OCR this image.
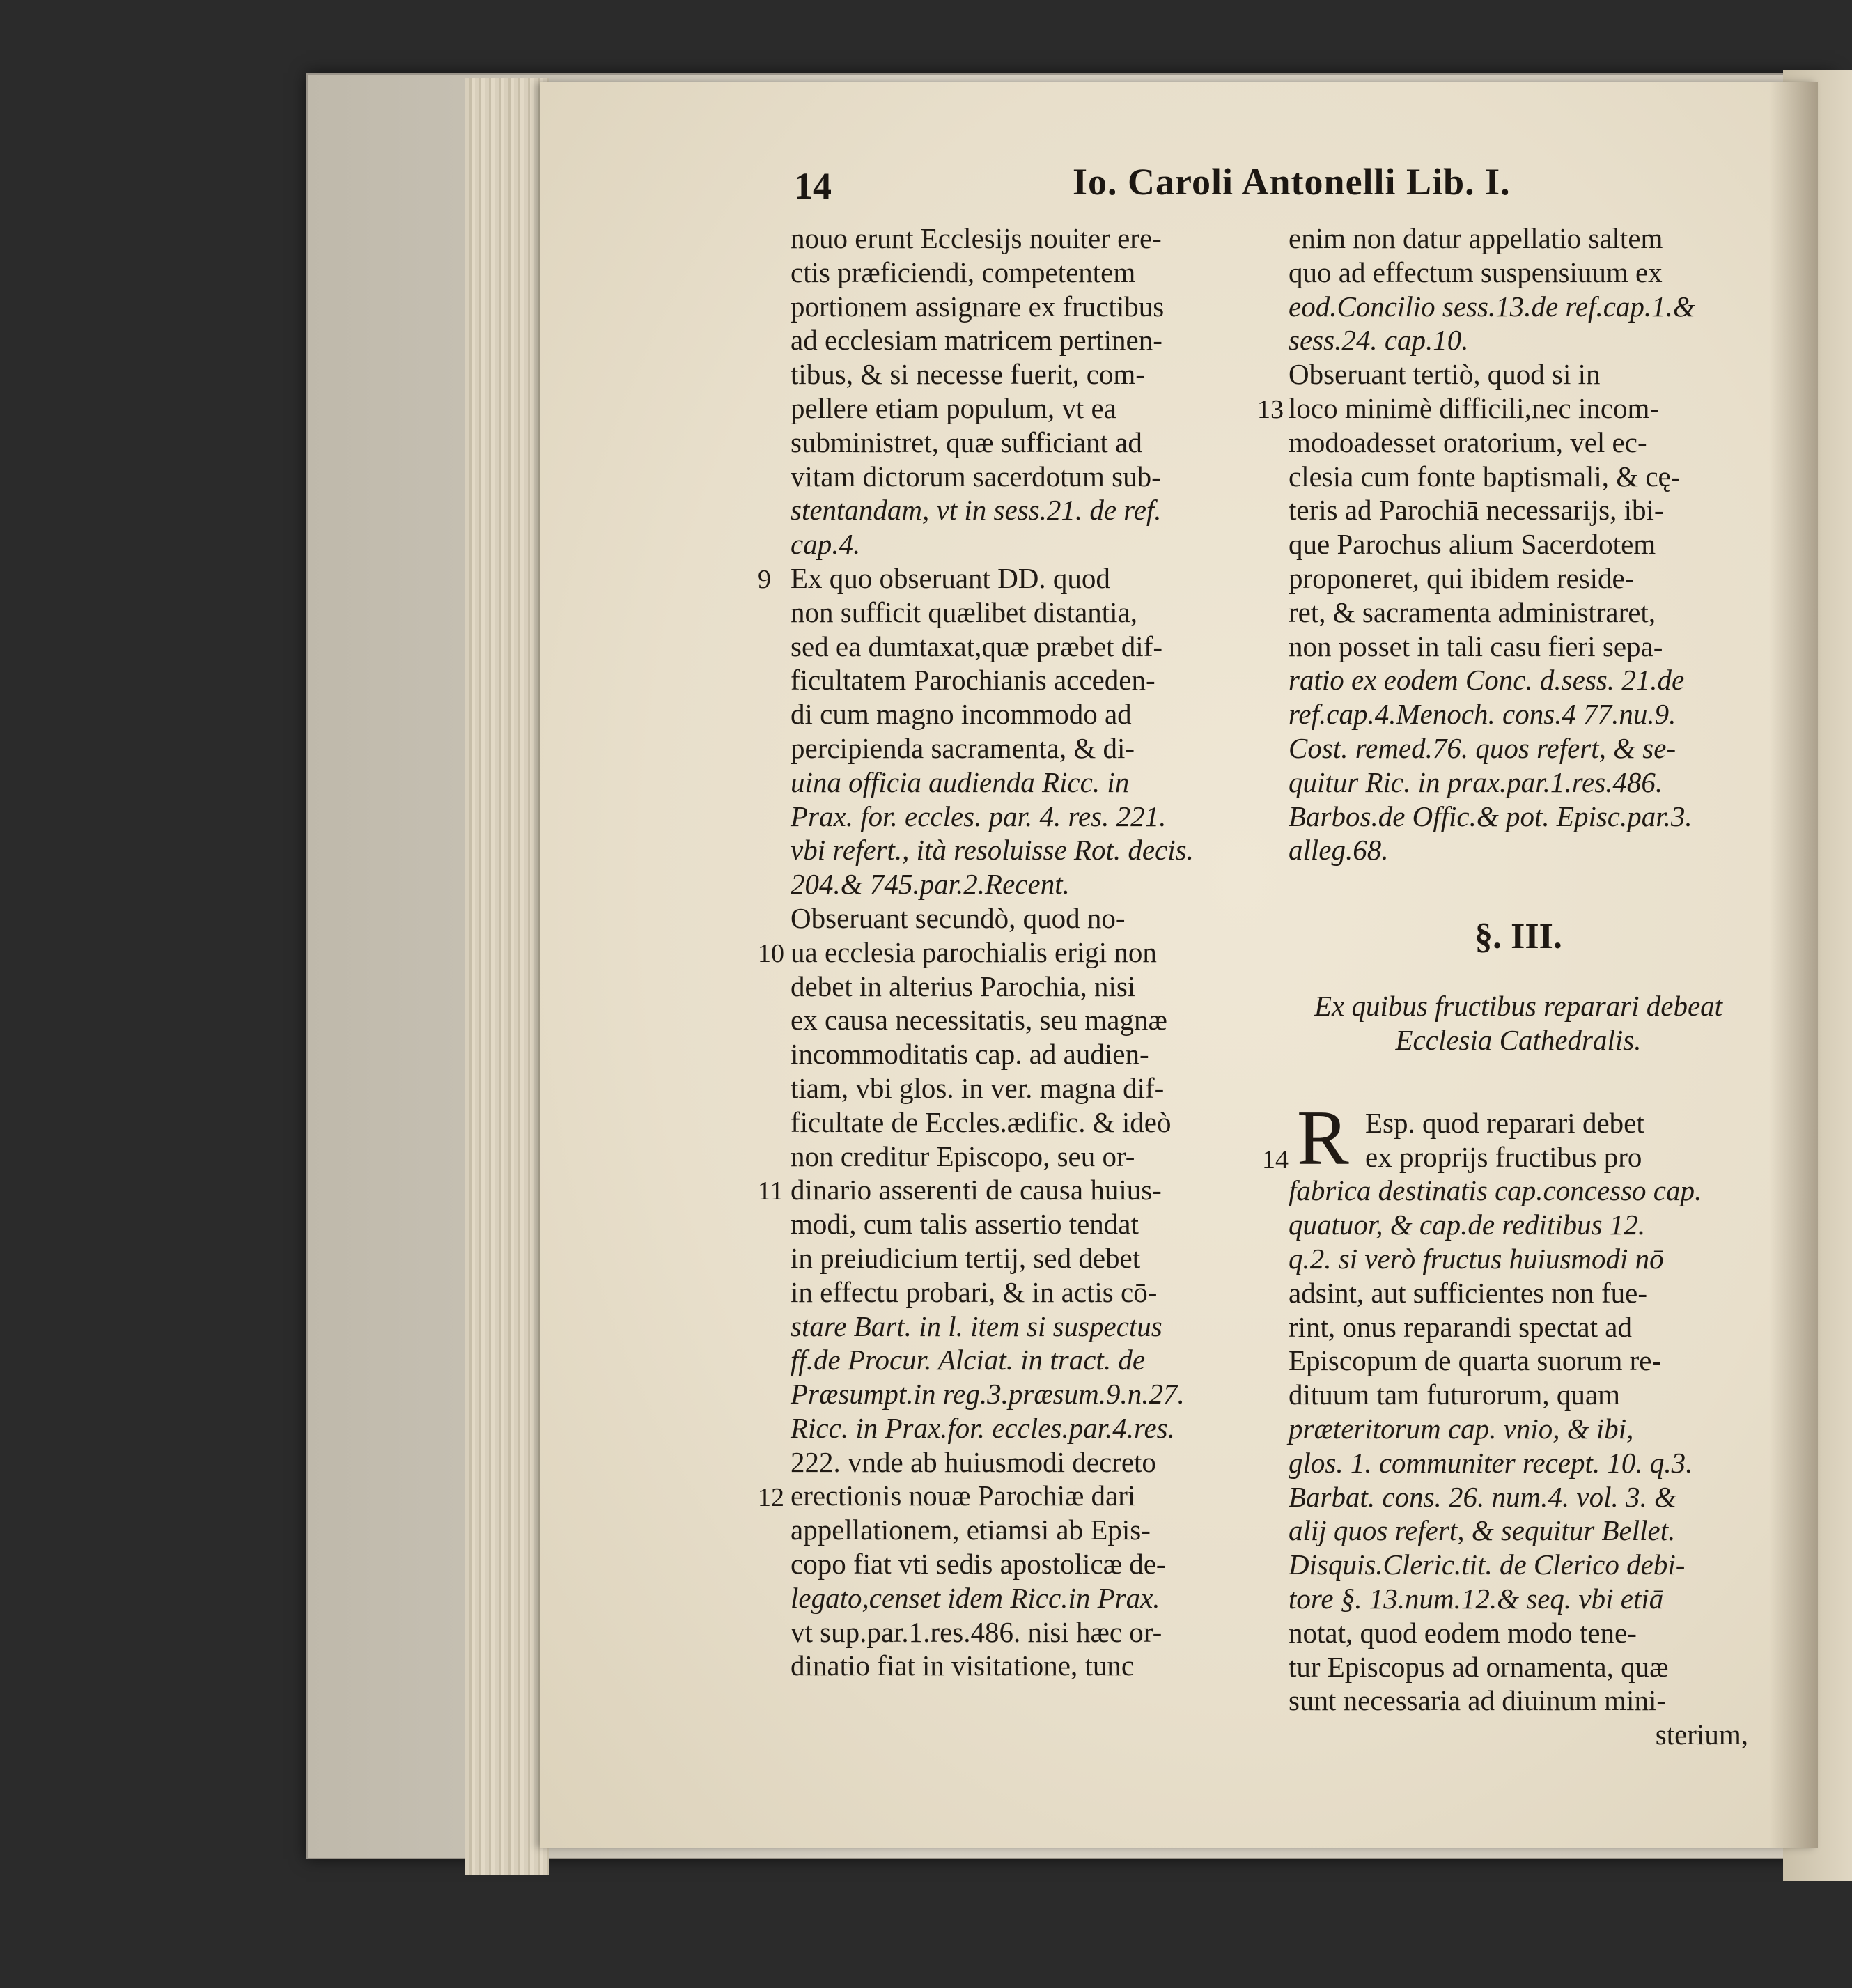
14	Io. Caroli Antonelli Lib. I.
nouo erunt Ecclesijs nouiter ere-
ctis præficiendi, competentem
portionem assignare ex fructibus
ad ecclesiam matricem pertinen-
tibus, & si necesse fuerit, com-
pellere etiam populum, vt ea
subministret, quæ sufficiant ad
vitam dictorum sacerdotum sub-
stentandam, vt in sess.21. de ref.
cap.4.
Ex quo obseruant DD. quod
non sufficit quælibet distantia,
sed ea dumtaxat,quæ præbet dif-
ficultatem Parochianis acceden-
di cum magno incommodo ad
percipienda sacramenta, & di-
uina officia audienda Ricc. in
Prax. for. eccles. par. 4. res. 221.
vbi refert., ità resoluisse Rot. decis.
204.& 745.par.2.Recent.
Obseruant secundò, quod no-
ua ecclesia parochialis erigi non
debet in alterius Parochia, nisi
ex causa necessitatis, seu magnæ
incommoditatis cap. ad audien-
tiam, vbi glos. in ver. magna dif-
ficultate de Eccles.ædific. & ideò
non creditur Episcopo, seu or-
dinario asserenti de causa huius-
modi, cum talis assertio tendat
in preiudicium tertij, sed debet
in effectu probari, & in actis cō-
stare Bart. in l. item si suspectus
ff.de Procur. Alciat. in tract. de
Præsumpt.in reg.3.præsum.9.n.27.
Ricc. in Prax.for. eccles.par.4.res.
222. vnde ab huiusmodi decreto
erectionis nouæ Parochiæ dari
appellationem, etiamsi ab Epis-
copo fiat vti sedis apostolicæ de-
legato,censet idem Ricc.in Prax.
vt sup.par.1.res.486. nisi hæc or-
dinatio fiat in visitatione, tunc
9
10
11
12
enim non datur appellatio saltem
quo ad effectum suspensiuum ex
eod.Concilio sess.13.de ref.cap.1.&
sess.24. cap.10.
Obseruant tertiò, quod si in
loco minimè difficili,nec incom-
modoadesset oratorium, vel ec-
clesia cum fonte baptismali, & cę-
teris ad Parochiā necessarijs, ibi-
que Parochus alium Sacerdotem
proponeret, qui ibidem reside-
ret, & sacramenta administraret,
non posset in tali casu fieri sepa-
ratio ex eodem Conc. d.sess. 21.de
ref.cap.4.Menoch. cons.4 77.nu.9.
Cost. remed.76. quos refert, & se-
quitur Ric. in prax.par.1.res.486.
Barbos.de Offic.& pot. Episc.par.3.
alleg.68.
13
§. III.
Ex quibus fructibus reparari debeat
Ecclesia Cathedralis.
R
14
Esp. quod reparari debet
ex proprijs fructibus pro
fabrica destinatis cap.concesso cap.
quatuor, & cap.de reditibus 12.
q.2. si verò fructus huiusmodi nō
adsint, aut sufficientes non fue-
rint, onus reparandi spectat ad
Episcopum de quarta suorum re-
dituum tam futurorum, quam
præteritorum cap. vnio, & ibi,
glos. 1. communiter recept. 10. q.3.
Barbat. cons. 26. num.4. vol. 3. &
alij quos refert, & sequitur Bellet.
Disquis.Cleric.tit. de Clerico debi-
tore §. 13.num.12.& seq. vbi etiā
notat, quod eodem modo tene-
tur Episcopus ad ornamenta, quæ
sunt necessaria ad diuinum mini-
sterium,
